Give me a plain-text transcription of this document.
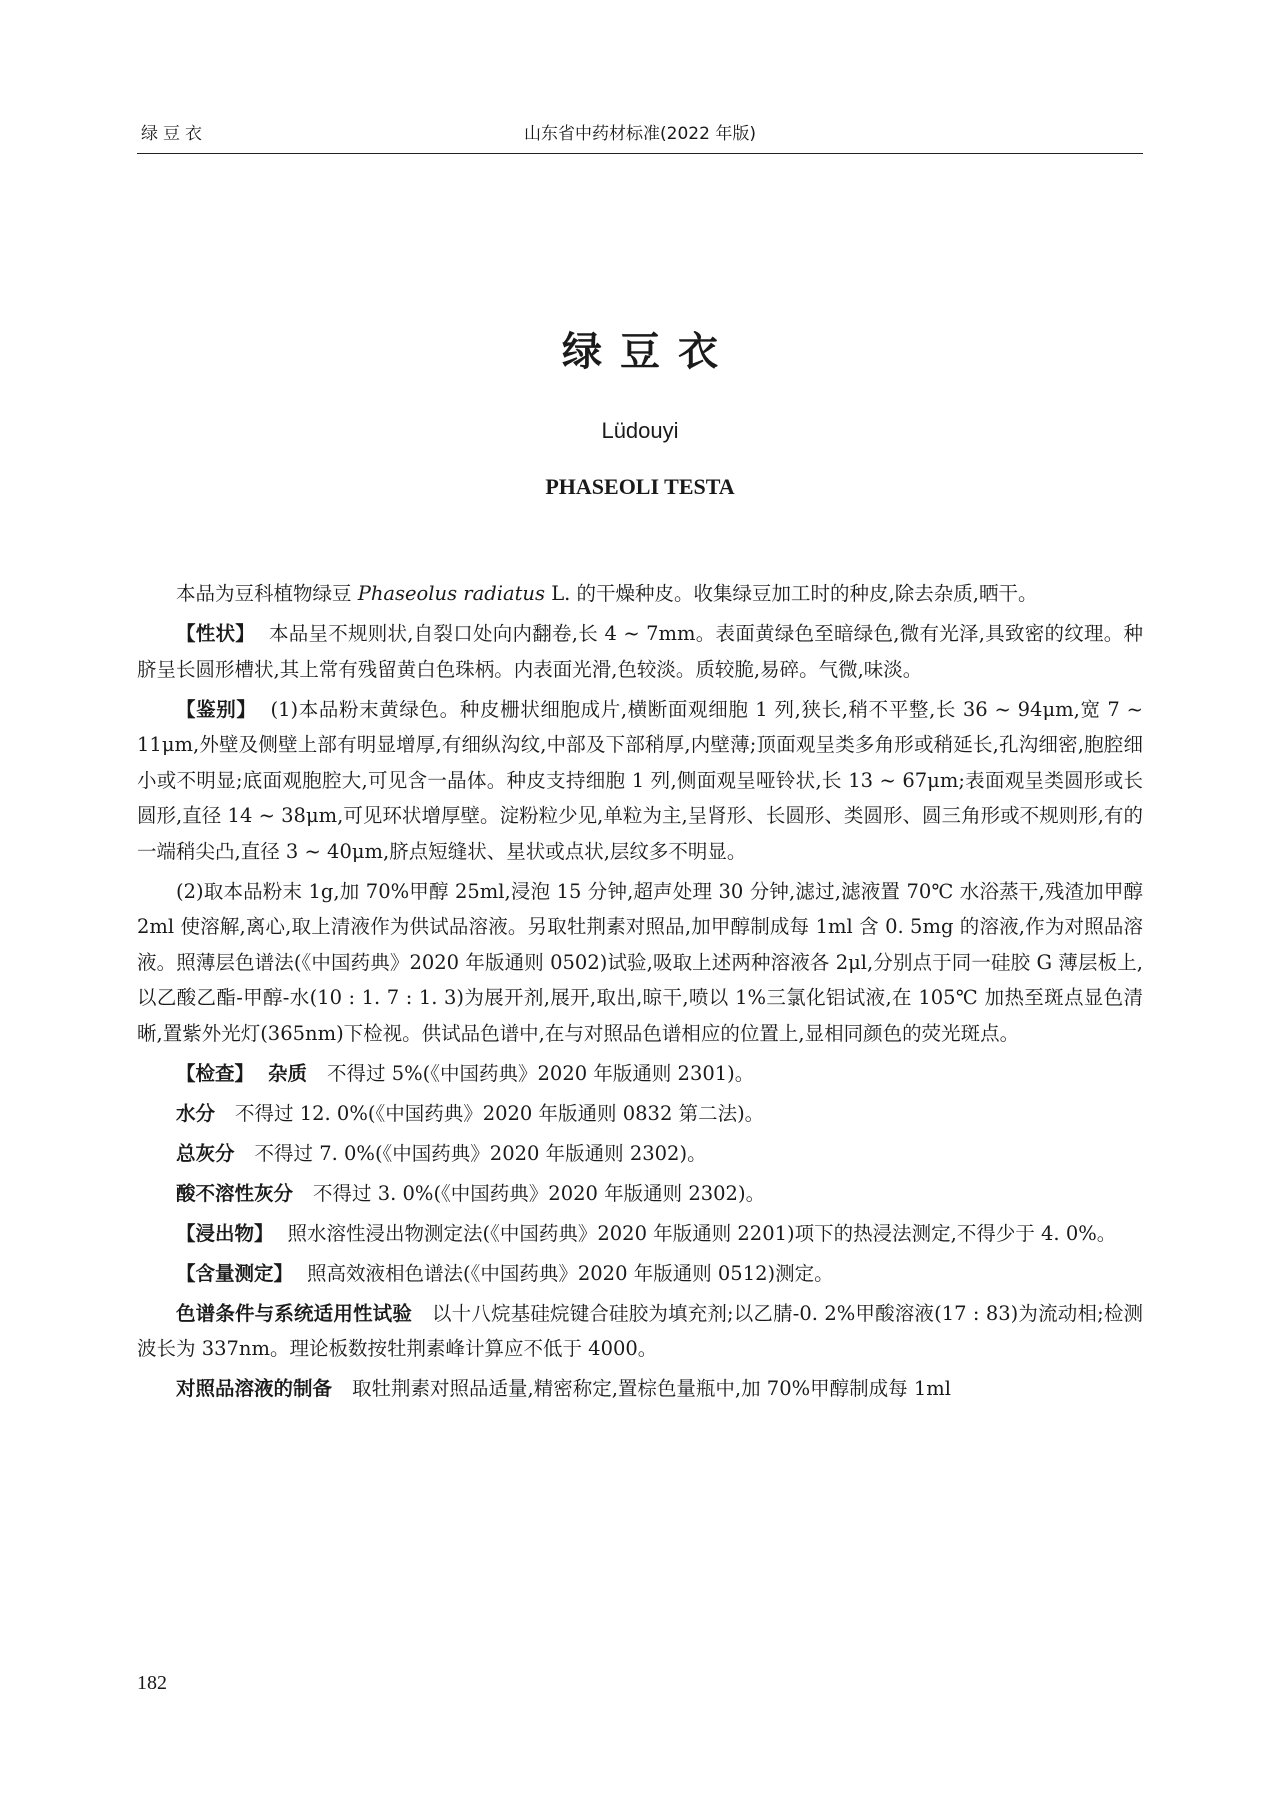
绿豆衣	山东省中药材标准(2022 年版)
绿豆衣
Lüdouyi
PHASEOLI TESTA

本品为豆科植物绿豆 Phaseolus radiatus L. 的干燥种皮。收集绿豆加工时的种皮,除去杂质,晒干。

【性状】 本品呈不规则状,自裂口处向内翻卷,长 4 ~ 7mm。表面黄绿色至暗绿色,微有光泽,具致密的纹理。种脐呈长圆形槽状,其上常有残留黄白色珠柄。内表面光滑,色较淡。质较脆,易碎。气微,味淡。

【鉴别】 (1)本品粉末黄绿色。种皮栅状细胞成片,横断面观细胞 1 列,狭长,稍不平整,长 36 ~ 94μm,宽 7 ~ 11μm,外壁及侧壁上部有明显增厚,有细纵沟纹,中部及下部稍厚,内壁薄;顶面观呈类多角形或稍延长,孔沟细密,胞腔细小或不明显;底面观胞腔大,可见含一晶体。种皮支持细胞 1 列,侧面观呈哑铃状,长 13 ~ 67μm;表面观呈类圆形或长圆形,直径 14 ~ 38μm,可见环状增厚壁。淀粉粒少见,单粒为主,呈肾形、长圆形、类圆形、圆三角形或不规则形,有的一端稍尖凸,直径 3 ~ 40μm,脐点短缝状、星状或点状,层纹多不明显。

(2)取本品粉末 1g,加 70%甲醇 25ml,浸泡 15 分钟,超声处理 30 分钟,滤过,滤液置 70℃ 水浴蒸干,残渣加甲醇 2ml 使溶解,离心,取上清液作为供试品溶液。另取牡荆素对照品,加甲醇制成每 1ml 含 0. 5mg 的溶液,作为对照品溶液。照薄层色谱法(《中国药典》2020 年版通则 0502)试验,吸取上述两种溶液各 2μl,分别点于同一硅胶 G 薄层板上,以乙酸乙酯-甲醇-水(10 : 1. 7 : 1. 3)为展开剂,展开,取出,晾干,喷以 1%三氯化铝试液,在 105℃ 加热至斑点显色清晰,置紫外光灯(365nm)下检视。供试品色谱中,在与对照品色谱相应的位置上,显相同颜色的荧光斑点。

【检查】 杂质 不得过 5%(《中国药典》2020 年版通则 2301)。

水分 不得过 12. 0%(《中国药典》2020 年版通则 0832 第二法)。

总灰分 不得过 7. 0%(《中国药典》2020 年版通则 2302)。

酸不溶性灰分 不得过 3. 0%(《中国药典》2020 年版通则 2302)。

【浸出物】 照水溶性浸出物测定法(《中国药典》2020 年版通则 2201)项下的热浸法测定,不得少于 4. 0%。

【含量测定】 照高效液相色谱法(《中国药典》2020 年版通则 0512)测定。

色谱条件与系统适用性试验 以十八烷基硅烷键合硅胶为填充剂;以乙腈-0. 2%甲酸溶液(17 : 83)为流动相;检测波长为 337nm。理论板数按牡荆素峰计算应不低于 4000。

对照品溶液的制备 取牡荆素对照品适量,精密称定,置棕色量瓶中,加 70%甲醇制成每 1ml

182
